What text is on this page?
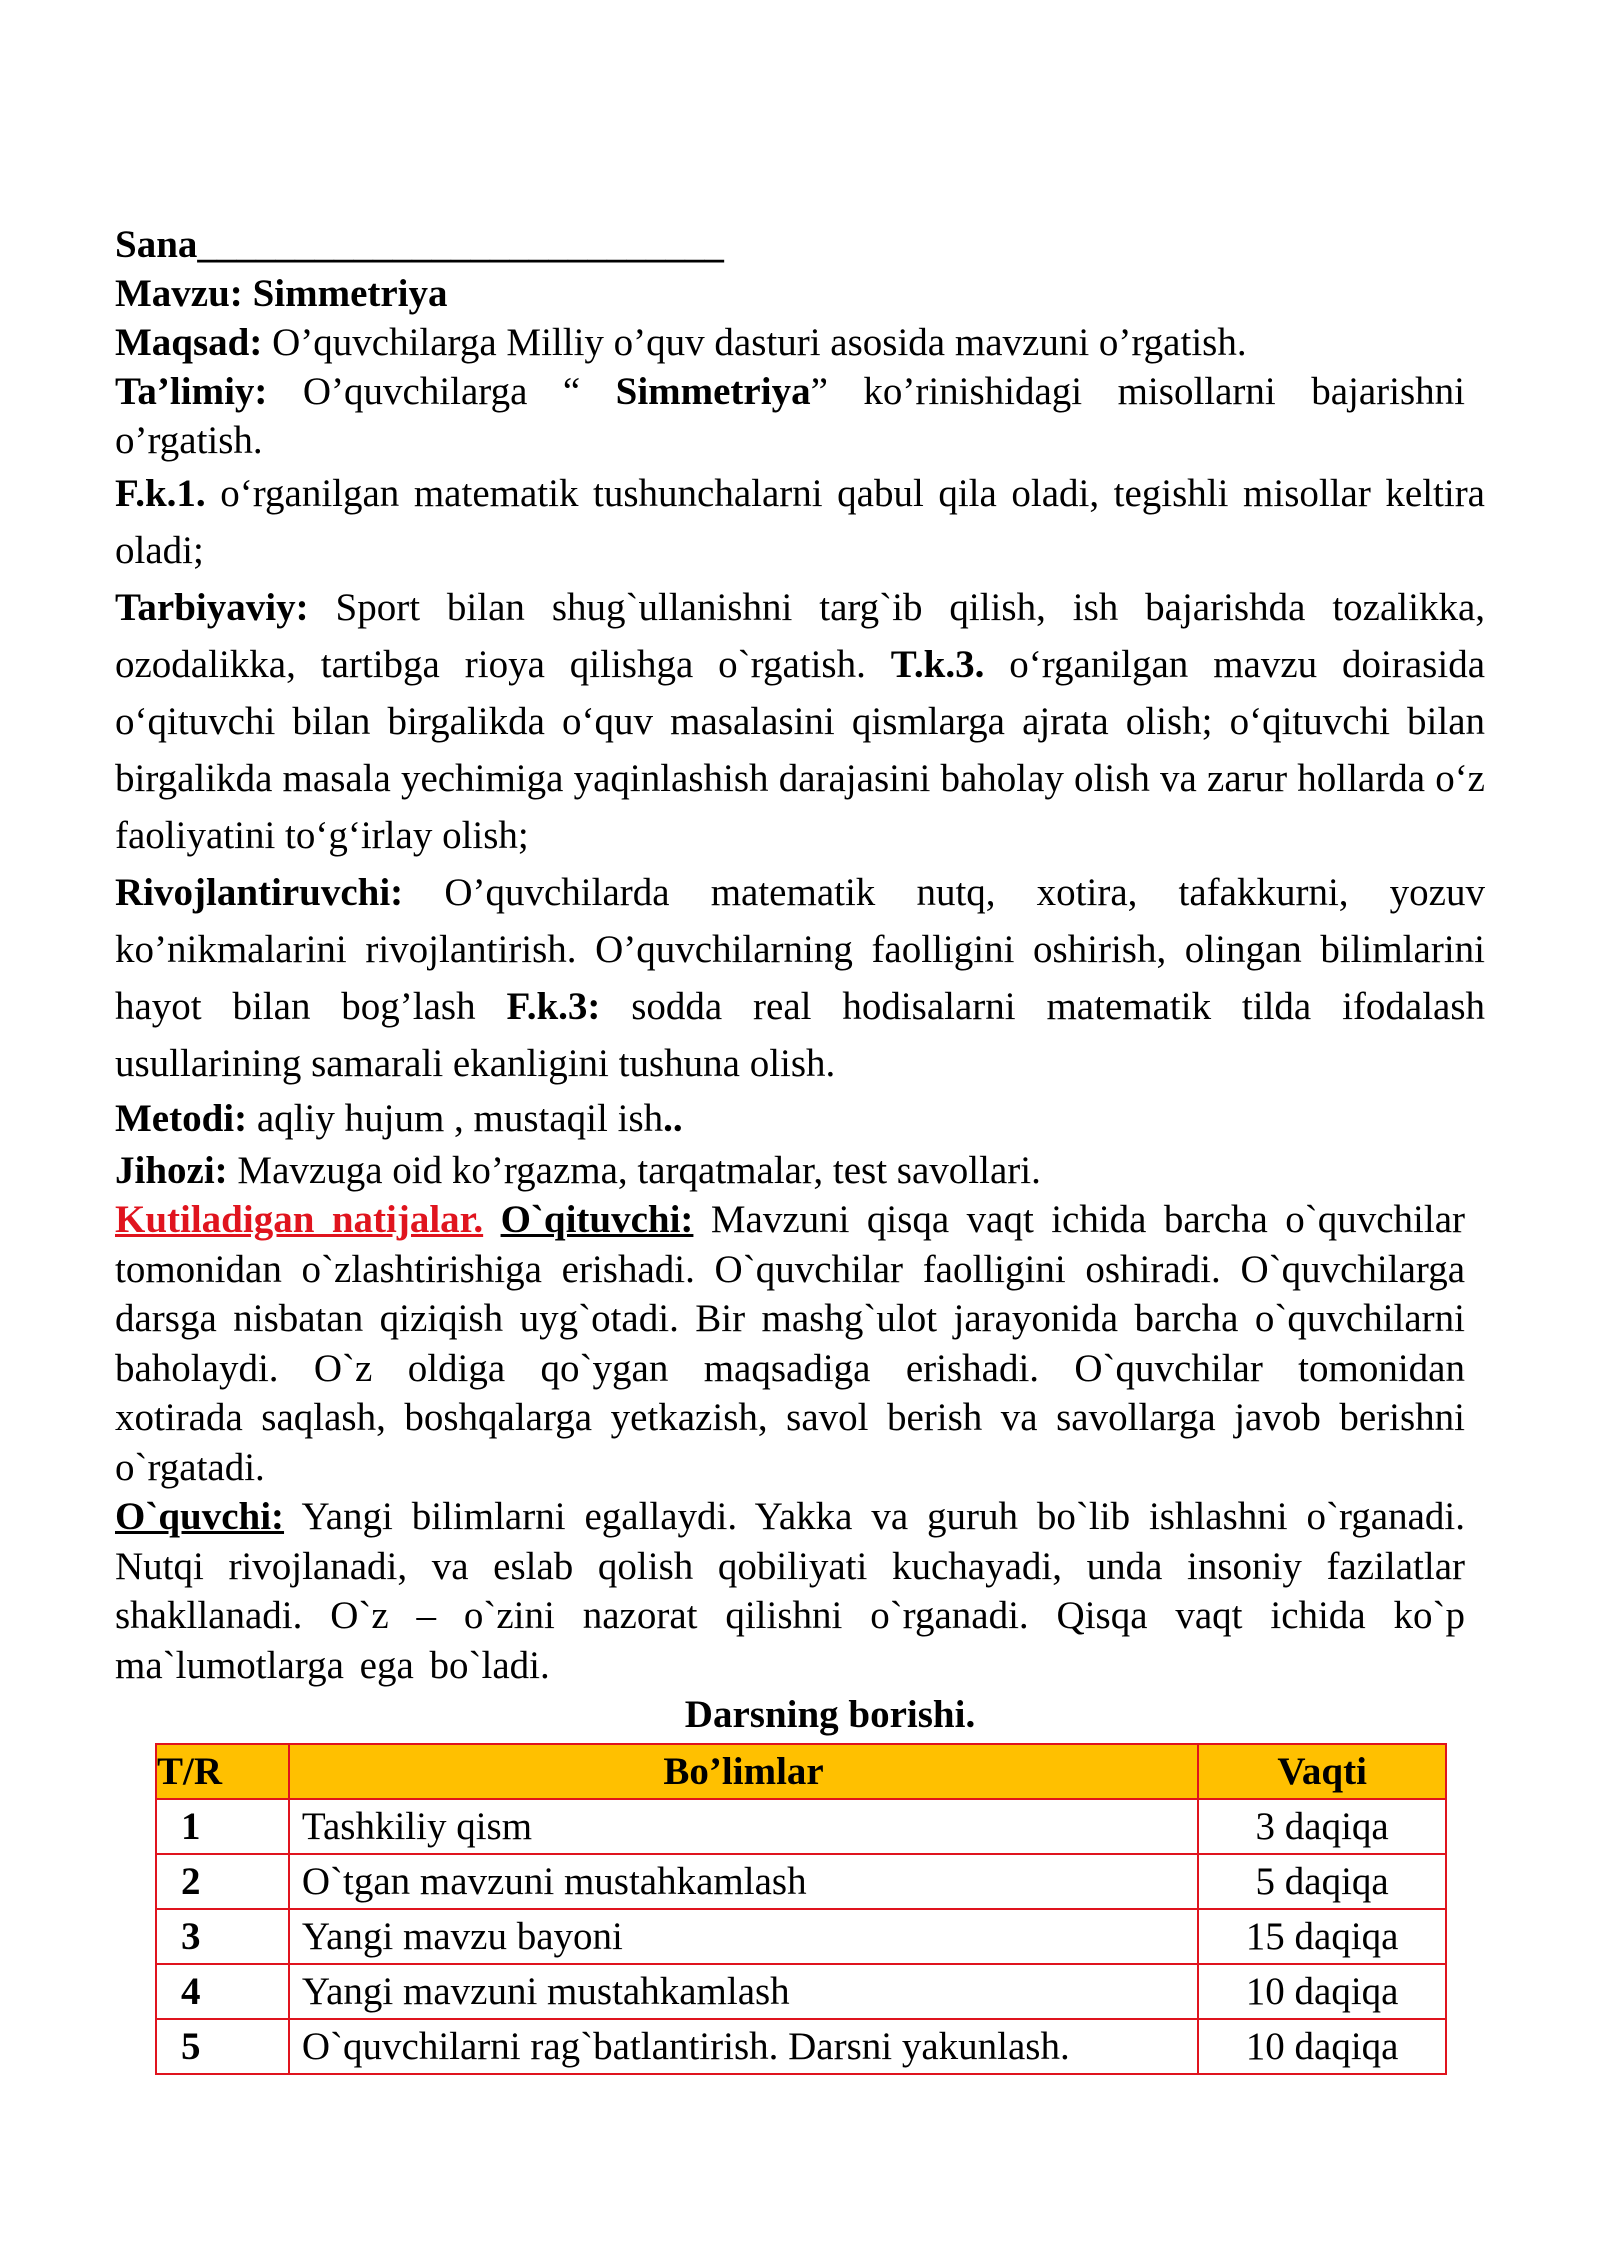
Sana___________________________

Mavzu: Simmetriya

Maqsad: O’quvchilarga Milliy o’quv dasturi asosida mavzuni o’rgatish.

Ta’limiy: O’quvchilarga “ Simmetriya” ko’rinishidagi misollarni bajarishni o’rgatish.

F.k.1. o‘rganilgan matematik tushunchalarni qabul qila oladi, tegishli misollar keltira oladi;

Tarbiyaviy: Sport bilan shug`ullanishni targ`ib qilish, ish bajarishda tozalikka, ozodalikka, tartibga rioya qilishga o`rgatish. T.k.3. o‘rganilgan mavzu doirasida o‘qituvchi bilan birgalikda o‘quv masalasini qismlarga ajrata olish; o‘qituvchi bilan birgalikda masala yechimiga yaqinlashish darajasini baholay olish va zarur hollarda o‘z faoliyatini to‘g‘irlay olish;

Rivojlantiruvchi: O’quvchilarda matematik nutq, xotira, tafakkurni, yozuv ko’nikmalarini rivojlantirish. O’quvchilarning faolligini oshirish, olingan bilimlarini hayot bilan bog’lash F.k.3: sodda real hodisalarni matematik tilda ifodalash usullarining samarali ekanligini tushuna olish.

Metodi: aqliy hujum , mustaqil ish..

Jihozi: Mavzuga oid ko’rgazma, tarqatmalar, test savollari.

Kutiladigan natijalar. O`qituvchi: Mavzuni qisqa vaqt ichida barcha o`quvchilar tomonidan o`zlashtirishiga erishadi. O`quvchilar faolligini oshiradi. O`quvchilarga darsga nisbatan qiziqish uyg`otadi. Bir mashg`ulot jarayonida barcha o`quvchilarni baholaydi. O`z oldiga qo`ygan maqsadiga erishadi. O`quvchilar tomonidan xotirada saqlash, boshqalarga yetkazish, savol berish va savollarga javob berishni o`rgatadi.

O`quvchi: Yangi bilimlarni egallaydi. Yakka va guruh bo`lib ishlashni o`rganadi. Nutqi rivojlanadi, va eslab qolish qobiliyati kuchayadi, unda insoniy fazilatlar shakllanadi. O`z – o`zini nazorat qilishni o`rganadi. Qisqa vaqt ichida ko`p ma`lumotlarga ega bo`ladi.

Darsning borishi.

T/R	Bo’limlar	Vaqti
1	Tashkiliy qism	3 daqiqa
2	O`tgan mavzuni mustahkamlash	5 daqiqa
3	Yangi mavzu bayoni	15 daqiqa
4	Yangi mavzuni mustahkamlash	10 daqiqa
5	O`quvchilarni rag`batlantirish. Darsni yakunlash.	10 daqiqa
